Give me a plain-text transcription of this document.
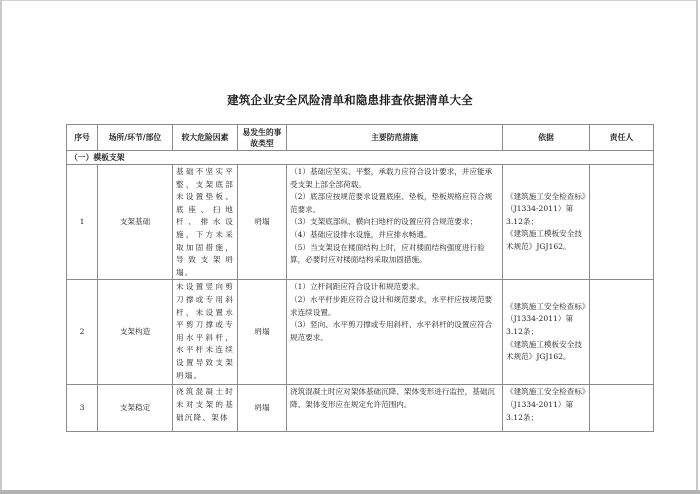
建筑企业安全风险清单和隐患排查依据清单大全
序号	场所/环节/部位	较大危险因素	易发生的事故类型	主要防范措施	依据	责任人
（一）模板支架						
1	支架基础	基础不坚实平整，支架底部未设置垫板、底座、扫地杆、排水设施，下方未采取加固措施，导致支架坍塌。	坍塌	（1）基础应坚实、平整，承载力应符合设计要求，并应能承受支架上部全部荷载。
（2）底部应按规范要求设置底座、垫板，垫板规格应符合规范要求。
（3）支架底部纵、横向扫地杆的设置应符合规范要求；
（4）基础应设排水设施，并应排水畅通。
（5）当支架设在楼面结构上时，应对楼面结构强度进行验算，必要时应对楼面结构采取加固措施。	《建筑施工安全检查标》（J1334-2011）第3.12条；
《建筑施工模板安全技术规范》JGJ162。	

2	支架构造	未设置竖向剪刀撑或专用斜杆，未设置水平剪刀撑或专用水平斜杆，水平杆未连续设置导致支架坍塌。	坍塌	（1）立杆间距应符合设计和规范要求。
（2）水平杆步距应符合设计和规范要求，水平杆应按规范要求连续设置。
（3）竖向、水平剪刀撑或专用斜杆、水平斜杆的设置应符合规范要求。	《建筑施工安全检查标》（J1334-2011）第3.12条；
《建筑施工模板安全技术规范》JGJ162。	

3	支架稳定	浇筑混凝土时未对支架的基础沉降、架体	坍塌	浇筑混凝土时应对架体基础沉降、架体变形进行监控，基础沉降、架体变形应在规定允许范围内。	《建筑施工安全检查标》（J1334-2011）第3.12条；	
